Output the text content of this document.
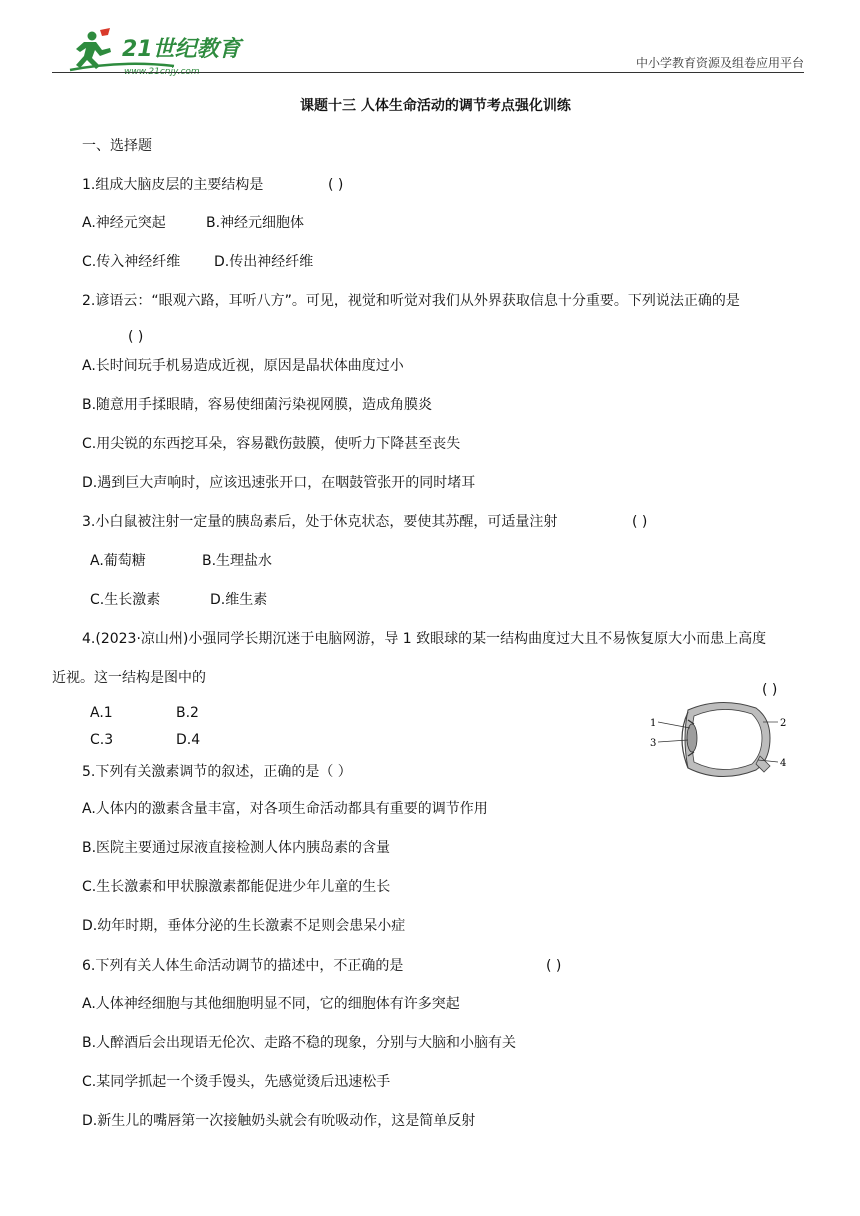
21世纪教育
www.21cnjy.com
中小学教育资源及组卷应用平台
课题十三 人体生命活动的调节考点强化训练
一、选择题
1.组成大脑皮层的主要结构是	( )
A.神经元突起	B.神经元细胞体
C.传入神经纤维 D.传出神经纤维
2.谚语云：“眼观六路，耳听八方”。可见，视觉和听觉对我们从外界获取信息十分重要。下列说法正确的是
( )
A.长时间玩手机易造成近视，原因是晶状体曲度过小
B.随意用手揉眼睛，容易使细菌污染视网膜，造成角膜炎
C.用尖锐的东西挖耳朵，容易戳伤鼓膜，使听力下降甚至丧失
D.遇到巨大声响时，应该迅速张开口，在咽鼓管张开的同时堵耳
3.小白鼠被注射一定量的胰岛素后，处于休克状态，要使其苏醒，可适量注射	( )
A.葡萄糖	B.生理盐水
C.生长激素	D.维生素
4.(2023·凉山州)小强同学长期沉迷于电脑网游，导 1 致眼球的某一结构曲度过大且不易恢复原大小而患上高度
近视。这一结构是图中的
( )
A.1	B.2
C.3	D.4
1
3
2
4
5.下列有关激素调节的叙述，正确的是（ ）
A.人体内的激素含量丰富，对各项生命活动都具有重要的调节作用
B.医院主要通过尿液直接检测人体内胰岛素的含量
C.生长激素和甲状腺激素都能促进少年儿童的生长
D.幼年时期，垂体分泌的生长激素不足则会患呆小症
6.下列有关人体生命活动调节的描述中，不正确的是	( )
A.人体神经细胞与其他细胞明显不同，它的细胞体有许多突起
B.人醉酒后会出现语无伦次、走路不稳的现象，分别与大脑和小脑有关
C.某同学抓起一个烫手馒头，先感觉烫后迅速松手
D.新生儿的嘴唇第一次接触奶头就会有吮吸动作，这是简单反射
